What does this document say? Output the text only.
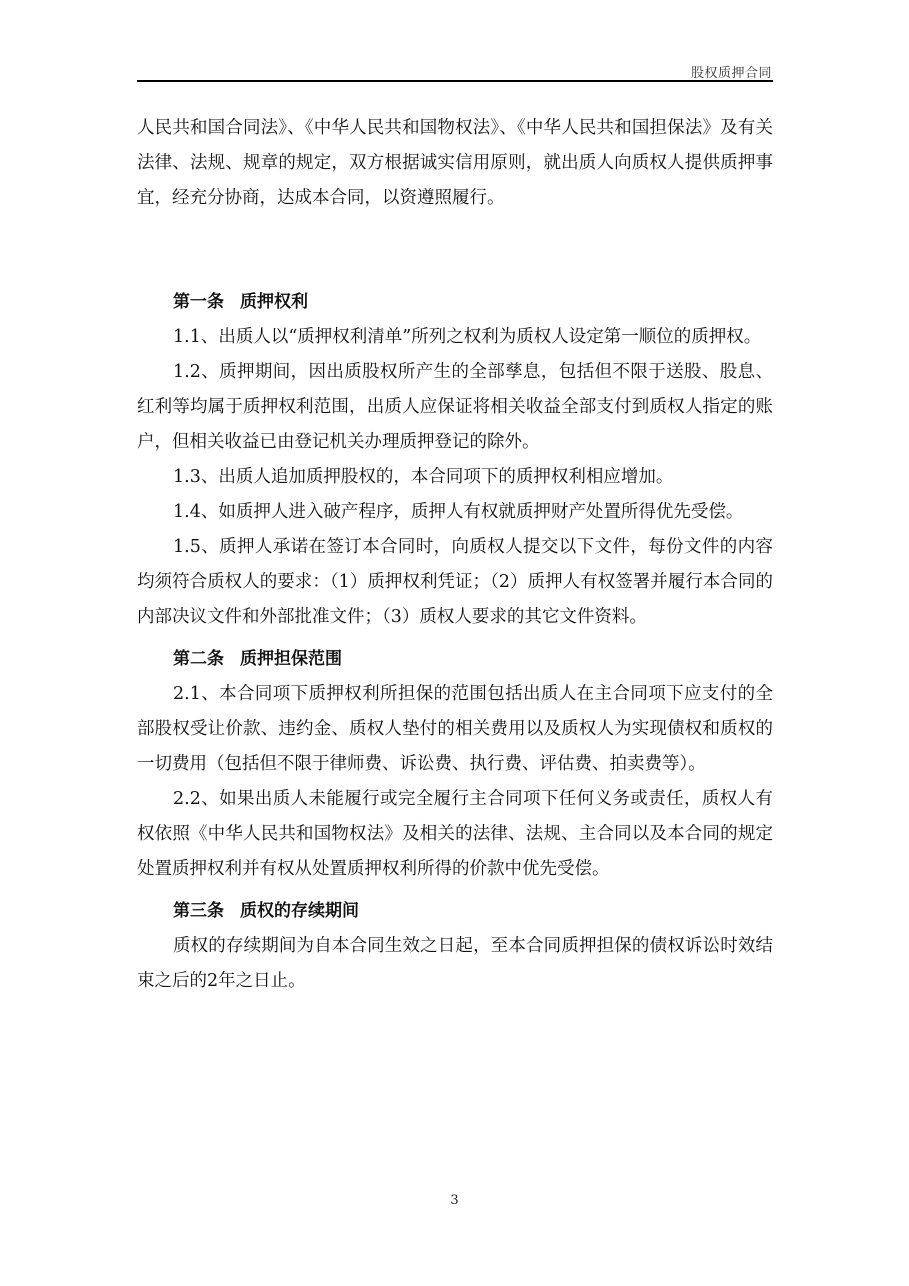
股权质押合同

人民共和国合同法》、《中华人民共和国物权法》、《中华人民共和国担保法》及有关法律、法规、规章的规定，双方根据诚实信用原则，就出质人向质权人提供质押事宜，经充分协商，达成本合同，以资遵照履行。

第一条 质押权利

1.1、出质人以“质押权利清单”所列之权利为质权人设定第一顺位的质押权。

1.2、质押期间，因出质股权所产生的全部孳息，包括但不限于送股、股息、红利等均属于质押权利范围，出质人应保证将相关收益全部支付到质权人指定的账户，但相关收益已由登记机关办理质押登记的除外。

1.3、出质人追加质押股权的，本合同项下的质押权利相应增加。

1.4、如质押人进入破产程序，质押人有权就质押财产处置所得优先受偿。

1.5、质押人承诺在签订本合同时，向质权人提交以下文件，每份文件的内容均须符合质权人的要求：（1）质押权利凭证；（2）质押人有权签署并履行本合同的内部决议文件和外部批准文件；（3）质权人要求的其它文件资料。

第二条 质押担保范围

2.1、本合同项下质押权利所担保的范围包括出质人在主合同项下应支付的全部股权受让价款、违约金、质权人垫付的相关费用以及质权人为实现债权和质权的一切费用（包括但不限于律师费、诉讼费、执行费、评估费、拍卖费等）。

2.2、如果出质人未能履行或完全履行主合同项下任何义务或责任，质权人有权依照《中华人民共和国物权法》及相关的法律、法规、主合同以及本合同的规定处置质押权利并有权从处置质押权利所得的价款中优先受偿。

第三条 质权的存续期间

质权的存续期间为自本合同生效之日起，至本合同质押担保的债权诉讼时效结束之后的2年之日止。

3
